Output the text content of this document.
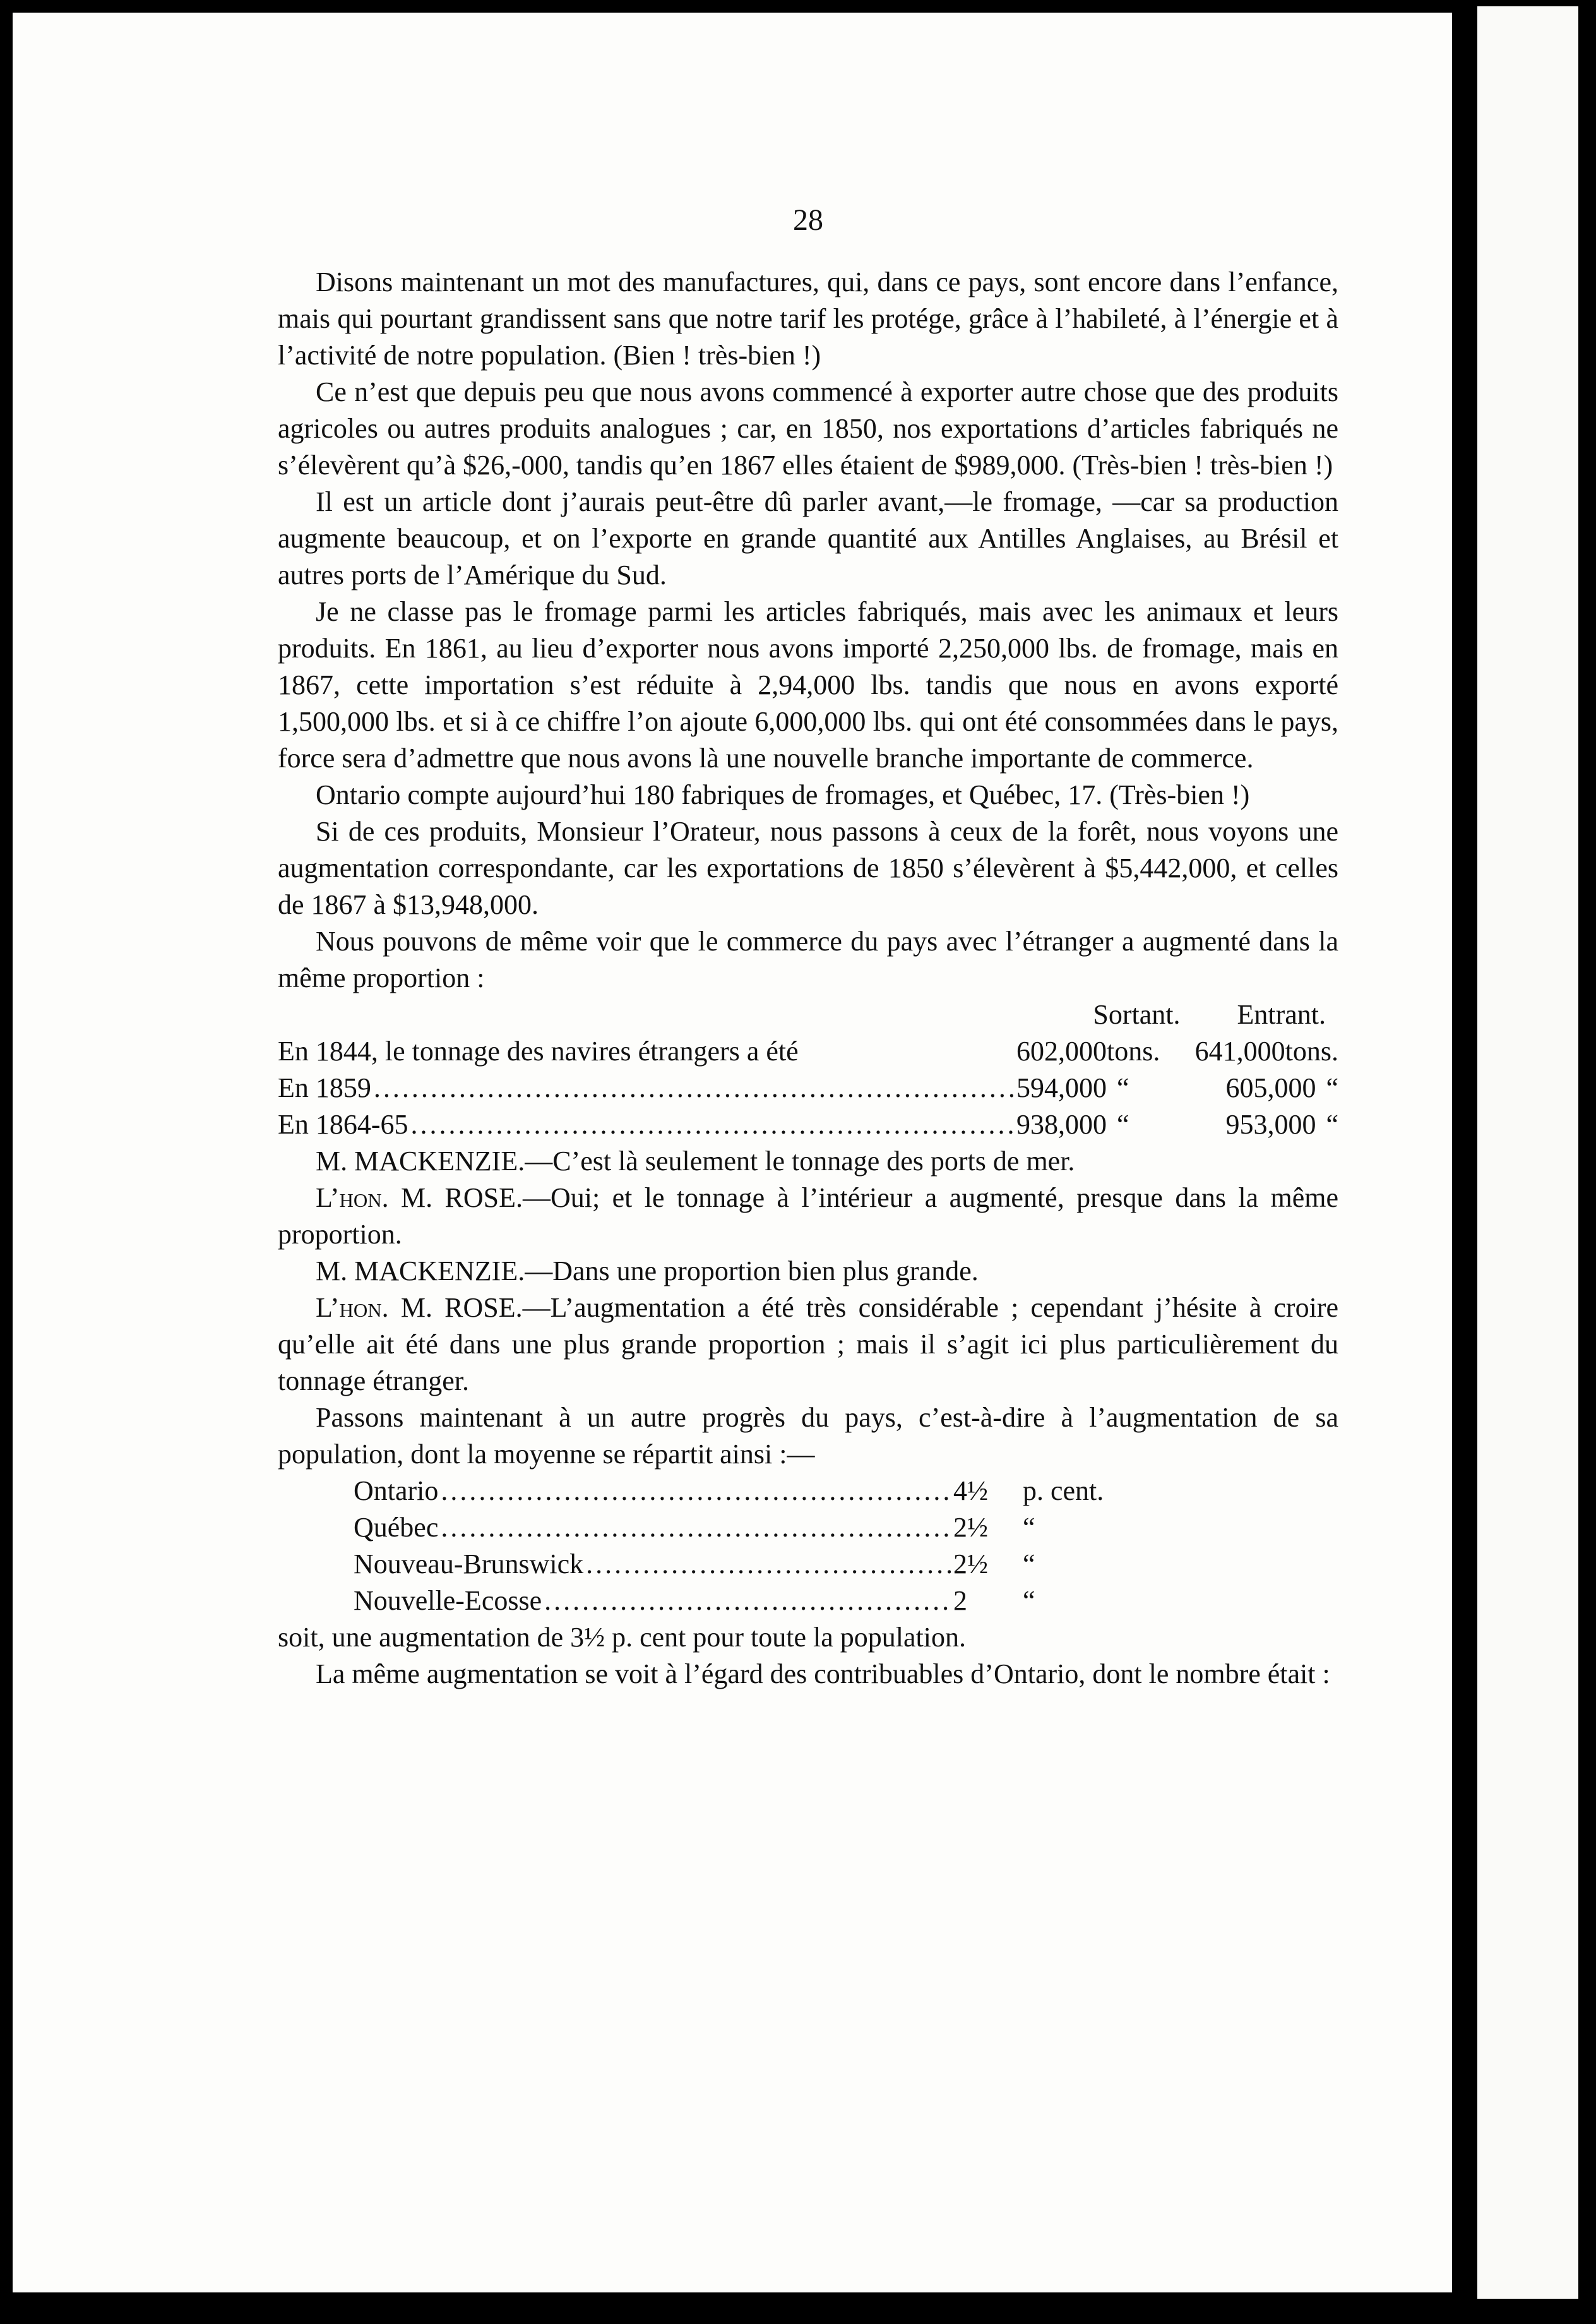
28

Disons maintenant un mot des manufactures, qui, dans ce pays, sont encore dans l’enfance, mais qui pourtant grandissent sans que notre tarif les protége, grâce à l’habileté, à l’énergie et à l’activité de notre population. (Bien ! très-bien !)

Ce n’est que depuis peu que nous avons commencé à exporter autre chose que des produits agricoles ou autres produits analogues ; car, en 1850, nos exportations d’articles fabriqués ne s’élevèrent qu’à $26,-000, tandis qu’en 1867 elles étaient de $989,000. (Très-bien ! très-bien !)

Il est un article dont j’aurais peut-être dû parler avant,—le fromage, —car sa production augmente beaucoup, et on l’exporte en grande quantité aux Antilles Anglaises, au Brésil et autres ports de l’Amérique du Sud.

Je ne classe pas le fromage parmi les articles fabriqués, mais avec les animaux et leurs produits. En 1861, au lieu d’exporter nous avons importé 2,250,000 lbs. de fromage, mais en 1867, cette importation s’est réduite à 2,94,000 lbs. tandis que nous en avons exporté 1,500,000 lbs. et si à ce chiffre l’on ajoute 6,000,000 lbs. qui ont été consommées dans le pays, force sera d’admettre que nous avons là une nouvelle branche importante de commerce.

Ontario compte aujourd’hui 180 fabriques de fromages, et Québec, 17. (Très-bien !)

Si de ces produits, Monsieur l’Orateur, nous passons à ceux de la forêt, nous voyons une augmentation correspondante, car les exportations de 1850 s’élevèrent à $5,442,000, et celles de 1867 à $13,948,000.

Nous pouvons de même voir que le commerce du pays avec l’étranger a augmenté dans la même proportion :

Sortant. Entrant.
En 1844, le tonnage des navires étrangers a été	602,000tons.	641,000tons.
En 1859 .....	594,000 “	605,000 “
En 1864-65 .....	938,000 “	953,000 “

M. MACKENZIE.—C’est là seulement le tonnage des ports de mer.

L’hon. M. ROSE.—Oui; et le tonnage à l’intérieur a augmenté, presque dans la même proportion.

M. MACKENZIE.—Dans une proportion bien plus grande.

L’hon. M. ROSE.—L’augmentation a été très considérable ; cependant j’hésite à croire qu’elle ait été dans une plus grande proportion ; mais il s’agit ici plus particulièrement du tonnage étranger.

Passons maintenant à un autre progrès du pays, c’est-à-dire à l’augmentation de sa population, dont la moyenne se répartit ainsi :—

Ontario .....	4½	p. cent.
Québec .....	2½	“
Nouveau-Brunswick .....	2½	“
Nouvelle-Ecosse .....	2	“

soit, une augmentation de 3½ p. cent pour toute la population.

La même augmentation se voit à l’égard des contribuables d’Ontario, dont le nombre était :
